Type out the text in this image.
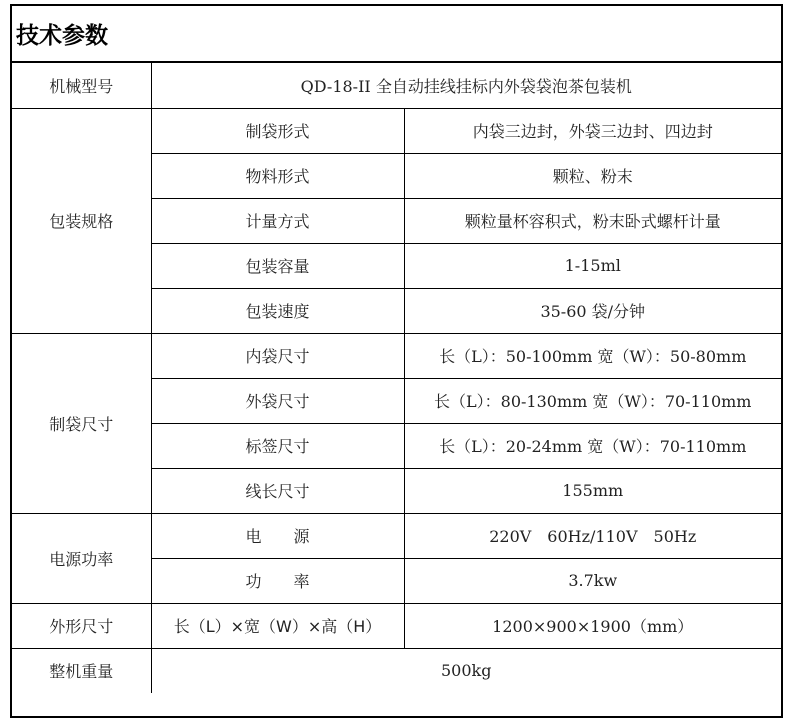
技术参数
机械型号	QD-18-II 全自动挂线挂标内外袋袋泡茶包装机	
包装规格	制袋形式	内袋三边封，外袋三边封、四边封
	物料形式	颗粒、粉末
	计量方式	颗粒量杯容积式，粉末卧式螺杆计量
	包装容量	1-15ml
	包装速度	35-60 袋/分钟
制袋尺寸	内袋尺寸	长（L）：50-100mm 宽（W）：50-80mm
	外袋尺寸	长（L）：80-130mm 宽（W）：70-110mm
	标签尺寸	长（L）：20-24mm 宽（W）：70-110mm
	线长尺寸	155mm
电源功率	电　　源	220V　60Hz/110V　50Hz
	功　　率	3.7kw
外形尺寸	长（L）×宽（W）×高（H）	1200×900×1900（mm）
整机重量	500kg	
